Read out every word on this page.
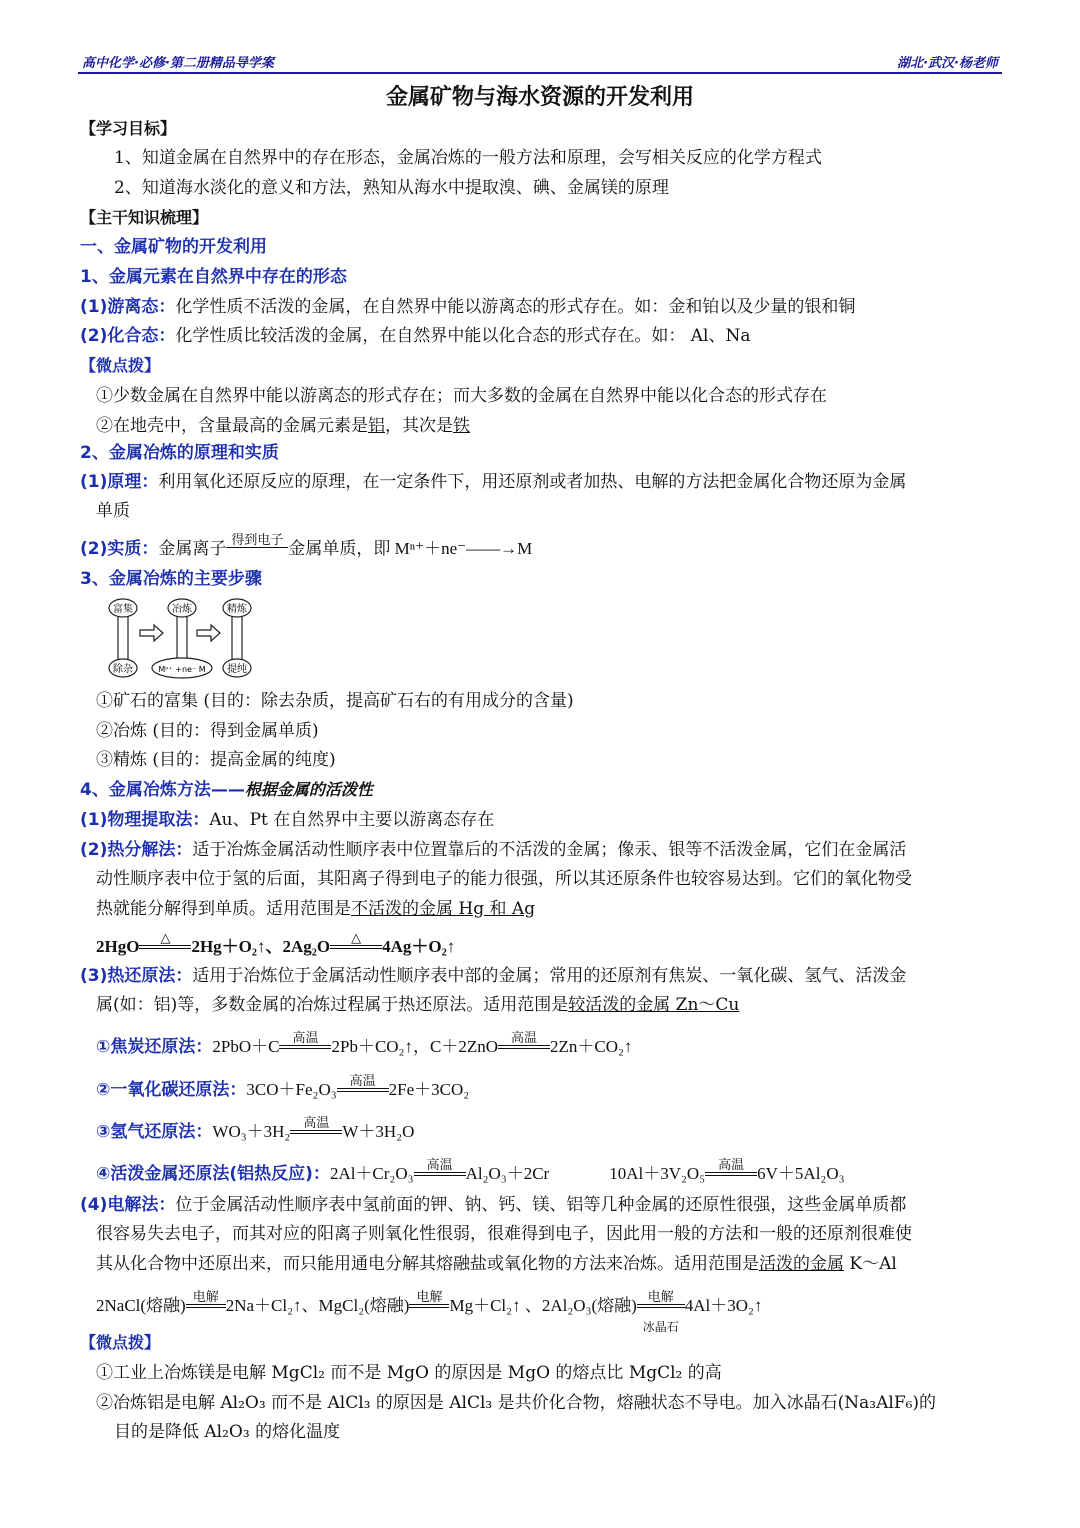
高中化学·必修·第二册精品导学案	湖北·武汉·杨老师
金属矿物与海水资源的开发利用
【学习目标】
1、知道金属在自然界中的存在形态，金属冶炼的一般方法和原理，会写相关反应的化学方程式
2、知道海水淡化的意义和方法，熟知从海水中提取溴、碘、金属镁的原理
【主干知识梳理】
一、金属矿物的开发利用
1、金属元素在自然界中存在的形态
(1)游离态：化学性质不活泼的金属，在自然界中能以游离态的形式存在。如：金和铂以及少量的银和铜
(2)化合态：化学性质比较活泼的金属，在自然界中能以化合态的形式存在。如： Al、Na
【微点拨】
①少数金属在自然界中能以游离态的形式存在；而大多数的金属在自然界中能以化合态的形式存在
②在地壳中，含量最高的金属元素是铝，其次是铁
2、金属冶炼的原理和实质
(1)原理：利用氧化还原反应的原理，在一定条件下，用还原剂或者加热、电解的方法把金属化合物还原为金属
单质
(2)实质：金属离子 得到电子 金属单质，即 Mⁿ⁺＋ne⁻——→M
3、金属冶炼的主要步骤
富集	冶炼	精炼
除杂	Mⁿ⁺ +ne⁻ M 提纯
①矿石的富集 (目的：除去杂质，提高矿石右的有用成分的含量)
②冶炼 (目的：得到金属单质)
③精炼 (目的：提高金属的纯度)
4、金属冶炼方法——根据金属的活泼性
(1)物理提取法：Au、Pt 在自然界中主要以游离态存在
(2)热分解法：适于冶炼金属活动性顺序表中位置靠后的不活泼的金属；像汞、银等不活泼金属，它们在金属活
动性顺序表中位于氢的后面，其阳离子得到电子的能力很强，所以其还原条件也较容易达到。它们的氧化物受
热就能分解得到单质。适用范围是不活泼的金属 Hg 和 Ag
2HgO	△	2Hg＋O₂↑、2Ag₂O	△	4Ag＋O₂↑
(3)热还原法：适用于冶炼位于金属活动性顺序表中部的金属；常用的还原剂有焦炭、一氧化碳、氢气、活泼金
属(如：铝)等，多数金属的冶炼过程属于热还原法。适用范围是较活泼的金属 Zn～Cu
①焦炭还原法：2PbO＋C 高温 2Pb＋CO₂↑，C＋2ZnO 高温 2Zn＋CO₂↑
②一氧化碳还原法：3CO＋Fe₂O₃ 高温 2Fe＋3CO₂
③氢气还原法：WO₃＋3H₂ 高温 W＋3H₂O
④活泼金属还原法(铝热反应)：2Al＋Cr₂O₃ 高温 Al₂O₃＋2Cr	10Al＋3V₂O₅ 高温 6V＋5Al₂O₃
(4)电解法：位于金属活动性顺序表中氢前面的钾、钠、钙、镁、铝等几种金属的还原性很强，这些金属单质都
很容易失去电子，而其对应的阳离子则氧化性很弱，很难得到电子，因此用一般的方法和一般的还原剂很难使
其从化合物中还原出来，而只能用通电分解其熔融盐或氧化物的方法来冶炼。适用范围是活泼的金属 K～Al
2NaCl(熔融) 电解 2Na＋Cl₂↑、MgCl₂(熔融) 电解 Mg＋Cl₂↑ 、2Al₂O₃(熔融) 电解
冰晶石
4Al＋3O₂↑
【微点拨】
①工业上冶炼镁是电解 MgCl₂ 而不是 MgO 的原因是 MgO 的熔点比 MgCl₂ 的高
②冶炼铝是电解 Al₂O₃ 而不是 AlCl₃ 的原因是 AlCl₃ 是共价化合物，熔融状态不导电。加入冰晶石(Na₃AlF₆)的
目的是降低 Al₂O₃ 的熔化温度
